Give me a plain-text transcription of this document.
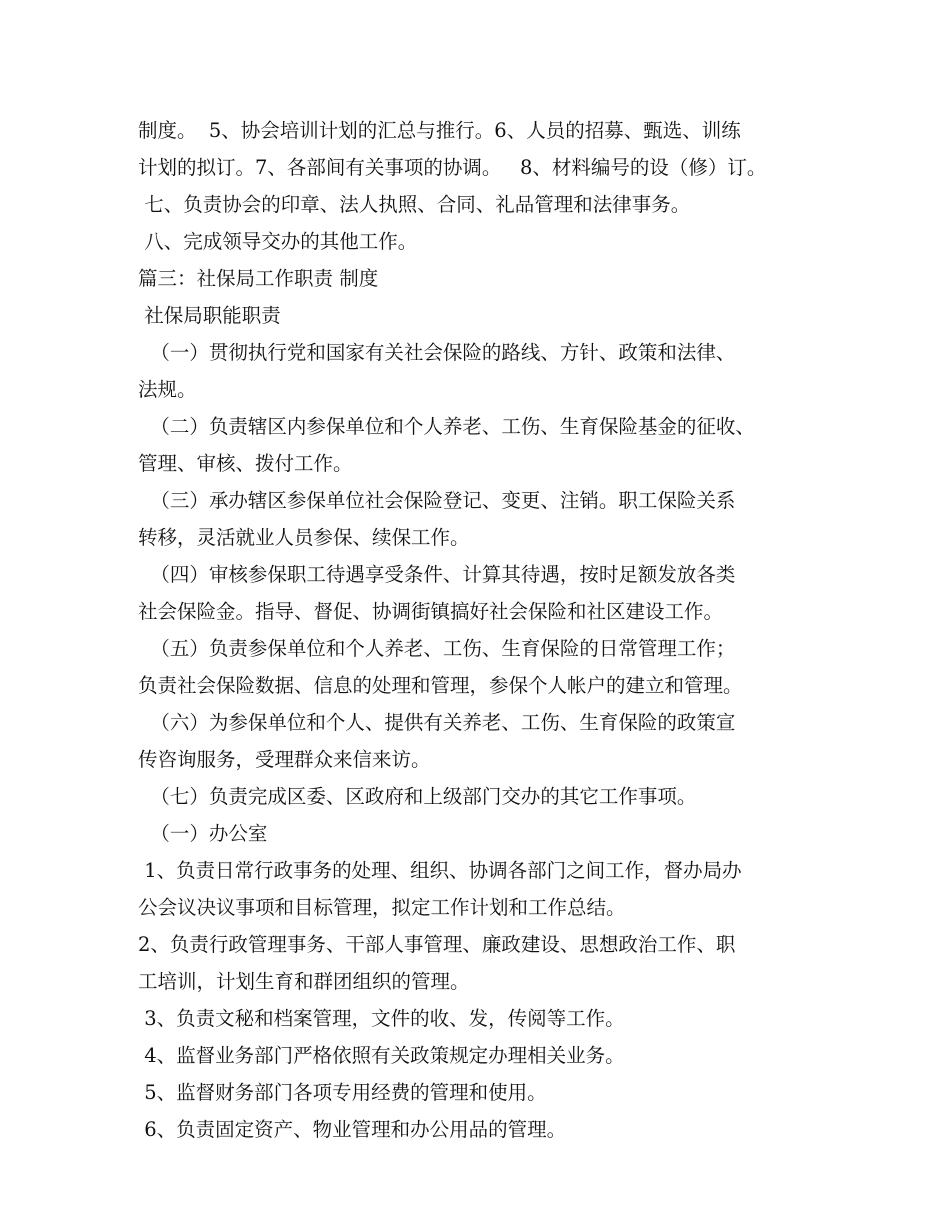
制度。  5、协会培训计划的汇总与推行。6、人员的招募、甄选、训练
计划的拟订。7、各部间有关事项的协调。   8、材料编号的设（修）订。
七、负责协会的印章、法人执照、合同、礼品管理和法律事务。
八、完成领导交办的其他工作。
篇三：社保局工作职责 制度
社保局职能职责
（一）贯彻执行党和国家有关社会保险的路线、方针、政策和法律、
法规。
（二）负责辖区内参保单位和个人养老、工伤、生育保险基金的征收、
管理、审核、拨付工作。
（三）承办辖区参保单位社会保险登记、变更、注销。职工保险关系
转移，灵活就业人员参保、续保工作。
（四）审核参保职工待遇享受条件、计算其待遇，按时足额发放各类
社会保险金。指导、督促、协调街镇搞好社会保险和社区建设工作。
（五）负责参保单位和个人养老、工伤、生育保险的日常管理工作；
负责社会保险数据、信息的处理和管理，参保个人帐户的建立和管理。
（六）为参保单位和个人、提供有关养老、工伤、生育保险的政策宣
传咨询服务，受理群众来信来访。
（七）负责完成区委、区政府和上级部门交办的其它工作事项。
（一）办公室
1、负责日常行政事务的处理、组织、协调各部门之间工作，督办局办
公会议决议事项和目标管理，拟定工作计划和工作总结。
2、负责行政管理事务、干部人事管理、廉政建设、思想政治工作、职
工培训，计划生育和群团组织的管理。
3、负责文秘和档案管理，文件的收、发，传阅等工作。
4、监督业务部门严格依照有关政策规定办理相关业务。
5、监督财务部门各项专用经费的管理和使用。
6、负责固定资产、物业管理和办公用品的管理。
